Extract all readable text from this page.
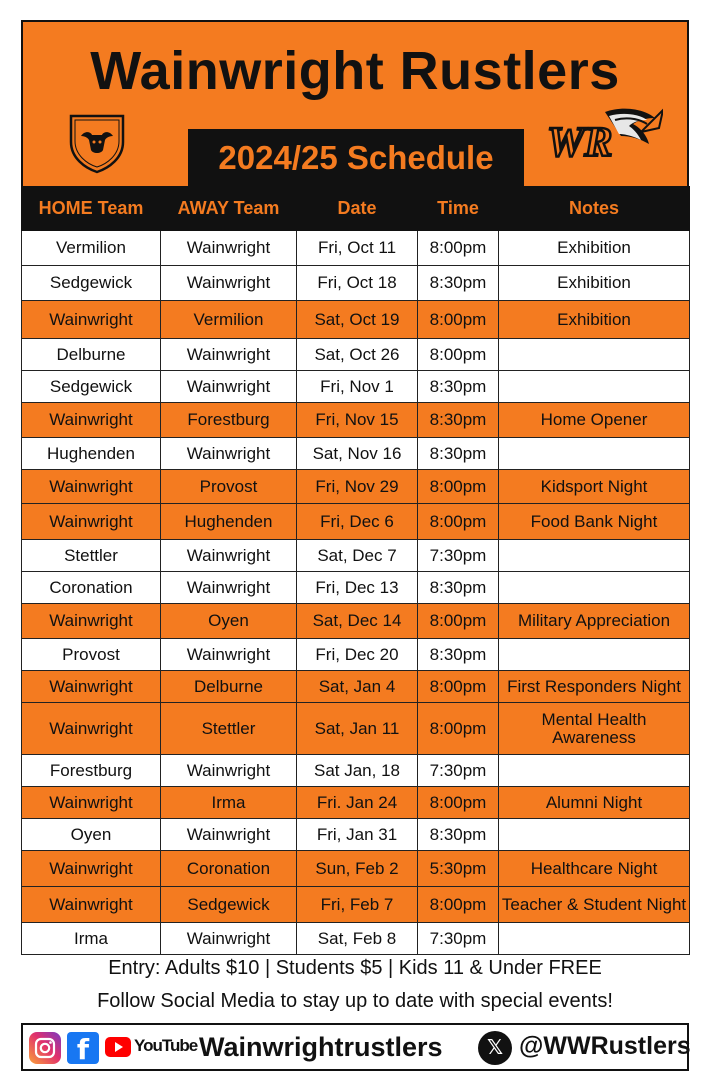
Wainwright Rustlers
2024/25 Schedule	WR
HOME Team	AWAY Team	Date	Time	Notes
Vermilion	Wainwright	Fri, Oct 11	8:00pm	Exhibition
Sedgewick	Wainwright	Fri, Oct 18	8:30pm	Exhibition
Wainwright	Vermilion	Sat, Oct 19	8:00pm	Exhibition
Delburne	Wainwright	Sat, Oct 26	8:00pm	
Sedgewick	Wainwright	Fri, Nov 1	8:30pm	
Wainwright	Forestburg	Fri, Nov 15	8:30pm	Home Opener
Hughenden	Wainwright	Sat, Nov 16	8:30pm	
Wainwright	Provost	Fri, Nov 29	8:00pm	Kidsport Night
Wainwright	Hughenden	Fri, Dec 6	8:00pm	Food Bank Night
Stettler	Wainwright	Sat, Dec 7	7:30pm	
Coronation	Wainwright	Fri, Dec 13	8:30pm	
Wainwright	Oyen	Sat, Dec 14	8:00pm	Military Appreciation
Provost	Wainwright	Fri, Dec 20	8:30pm	
Wainwright	Delburne	Sat, Jan 4	8:00pm	First Responders Night
Wainwright	Stettler	Sat, Jan 11	8:00pm	Mental Health Awareness
Forestburg	Wainwright	Sat Jan, 18	7:30pm	
Wainwright	Irma	Fri. Jan 24	8:00pm	Alumni Night
Oyen	Wainwright	Fri, Jan 31	8:30pm	
Wainwright	Coronation	Sun, Feb 2	5:30pm	Healthcare Night
Wainwright	Sedgewick	Fri, Feb 7	8:00pm	Teacher & Student Night
Irma	Wainwright	Sat, Feb 8	7:30pm	
Entry: Adults $10 | Students $5 | Kids 11 & Under FREE
Follow Social Media to stay up to date with special events!
f	YouTube Wainwrightrustlers	𝕏 @WWRustlers
